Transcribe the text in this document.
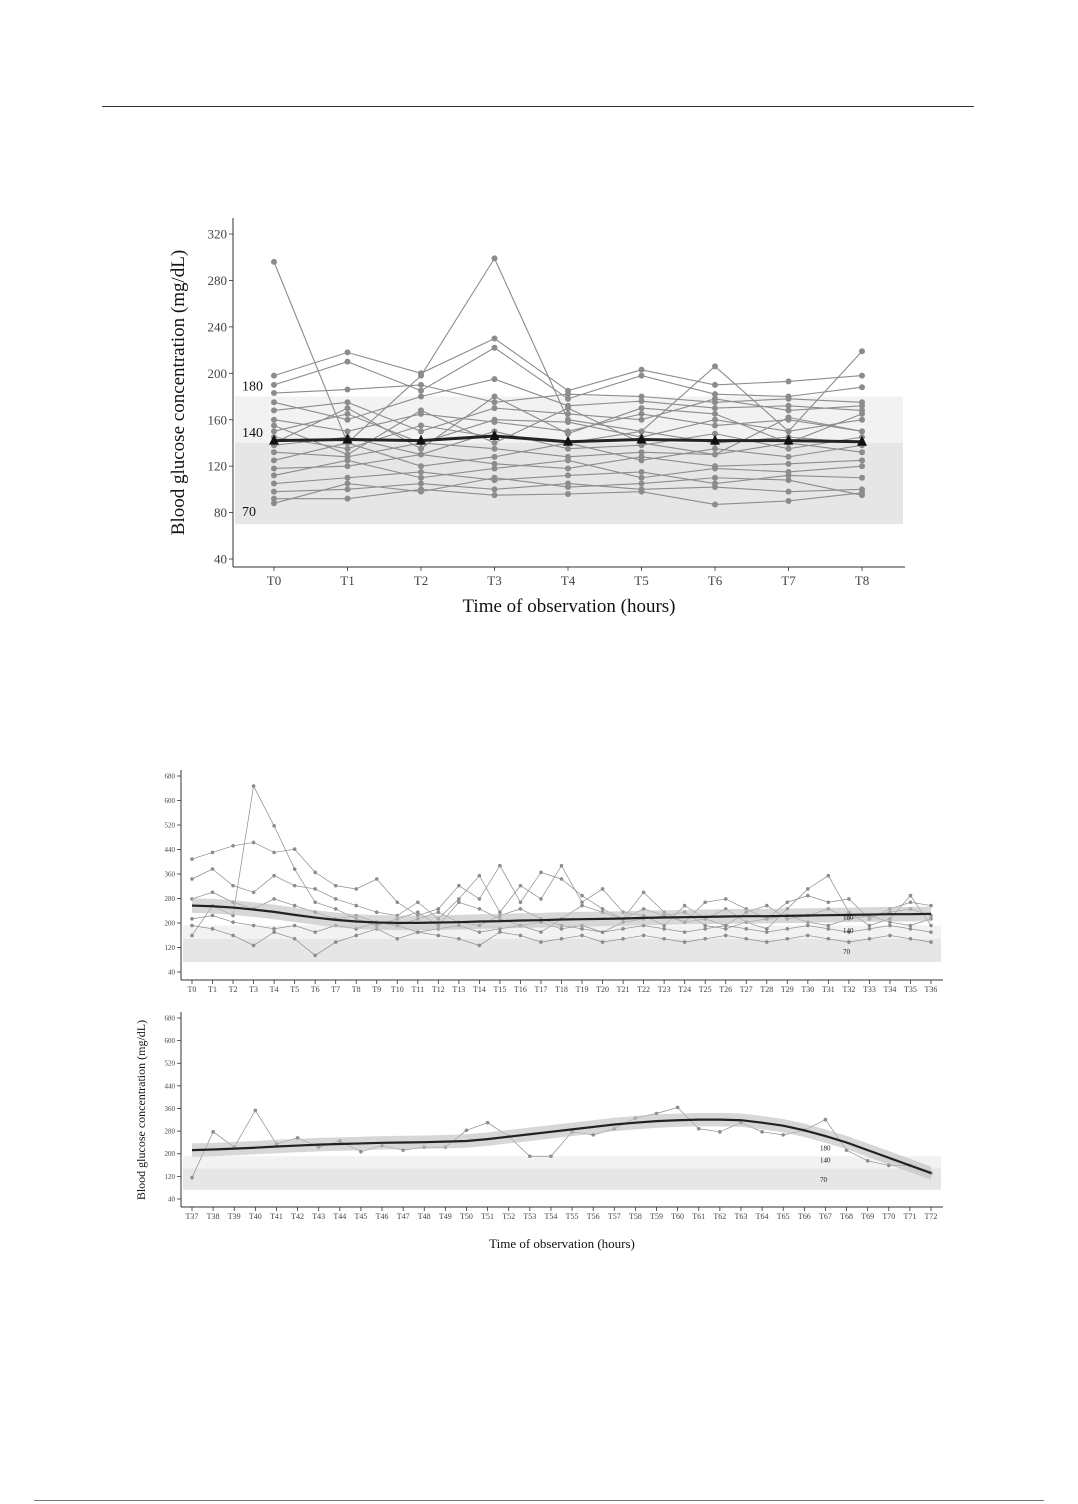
40
80
120
160
200
240
280
320
T0	T1	T2	T3	T4	T5	T6	T7	T8
180
140
70
Time of observation (hours)
Blood glucose concentration (mg/dL)
40
120
200
280
360
440
520
600
680
T0 T1 T2 T3 T4 T5 T6 T7 T8 T9 T10 T11 T12 T13 T14 T15 T16 T17 T18 T19 T20 T21 T22 T23 T24 T25 T26 T27 T28 T29 T30 T31 T32 T33 T34 T35 T36
180
140
70
40
120
200
280
360
440
520
600
680
T37 T38 T39 T40 T41 T42 T43 T44 T45 T46 T47 T48 T49 T50 T51 T52 T53 T54 T55 T56 T57 T58 T59 T60 T61 T62 T63 T64 T65 T66 T67 T68 T69 T70 T71 T72
180
140
70
Time of observation (hours)
Blood glucose concentration (mg/dL)
